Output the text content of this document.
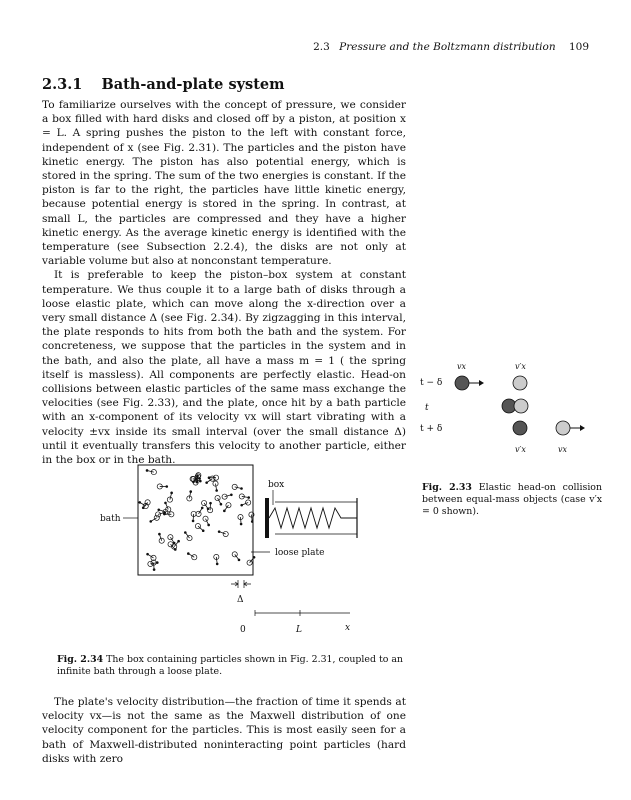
2.3 Pressure and the Boltzmann distribution 109
2.3.1 Bath-and-plate system

To familiarize ourselves with the concept of pressure, we consider a box filled with hard disks and closed off by a piston, at position x = L. A spring pushes the piston to the left with constant force, independent of x (see Fig. 2.31). The particles and the piston have kinetic energy. The piston has also potential energy, which is stored in the spring. The sum of the two energies is constant. If the piston is far to the right, the particles have little kinetic energy, because potential energy is stored in the spring. In contrast, at small L, the particles are compressed and they have a higher kinetic energy. As the average kinetic energy is identified with the temperature (see Subsection 2.2.4), the disks are not only at variable volume but also at nonconstant temperature.

It is preferable to keep the piston–box system at constant temperature. We thus couple it to a large bath of disks through a loose elastic plate, which can move along the x-direction over a very small distance Δ (see Fig. 2.34). By zigzagging in this interval, the plate responds to hits from both the bath and the system. For concreteness, we suppose that the particles in the system and in the bath, and also the plate, all have a mass m = 1 ( the spring itself is massless). All components are perfectly elastic. Head-on collisions between elastic particles of the same mass exchange the velocities (see Fig. 2.33), and the plate, once hit by a bath particle with an x-component of its velocity vx will start vibrating with a velocity ±vx inside its small interval (over the small distance Δ) until it eventually transfers this velocity to another particle, either in the box or in the bath.

t − δ
t
t + δ
vx	v′x
v′x	vx
Fig. 2.33 Elastic head-on collision between equal-mass objects (case v′x = 0 shown).
box
bath
loose plate
Δ
0	L	x
Fig. 2.34 The box containing particles shown in Fig. 2.31, coupled to an infinite bath through a loose plate.

The plate's velocity distribution—the fraction of time it spends at velocity vx—is not the same as the Maxwell distribution of one velocity component for the particles. This is most easily seen for a bath of Maxwell-distributed noninteracting point particles (hard disks with zero
